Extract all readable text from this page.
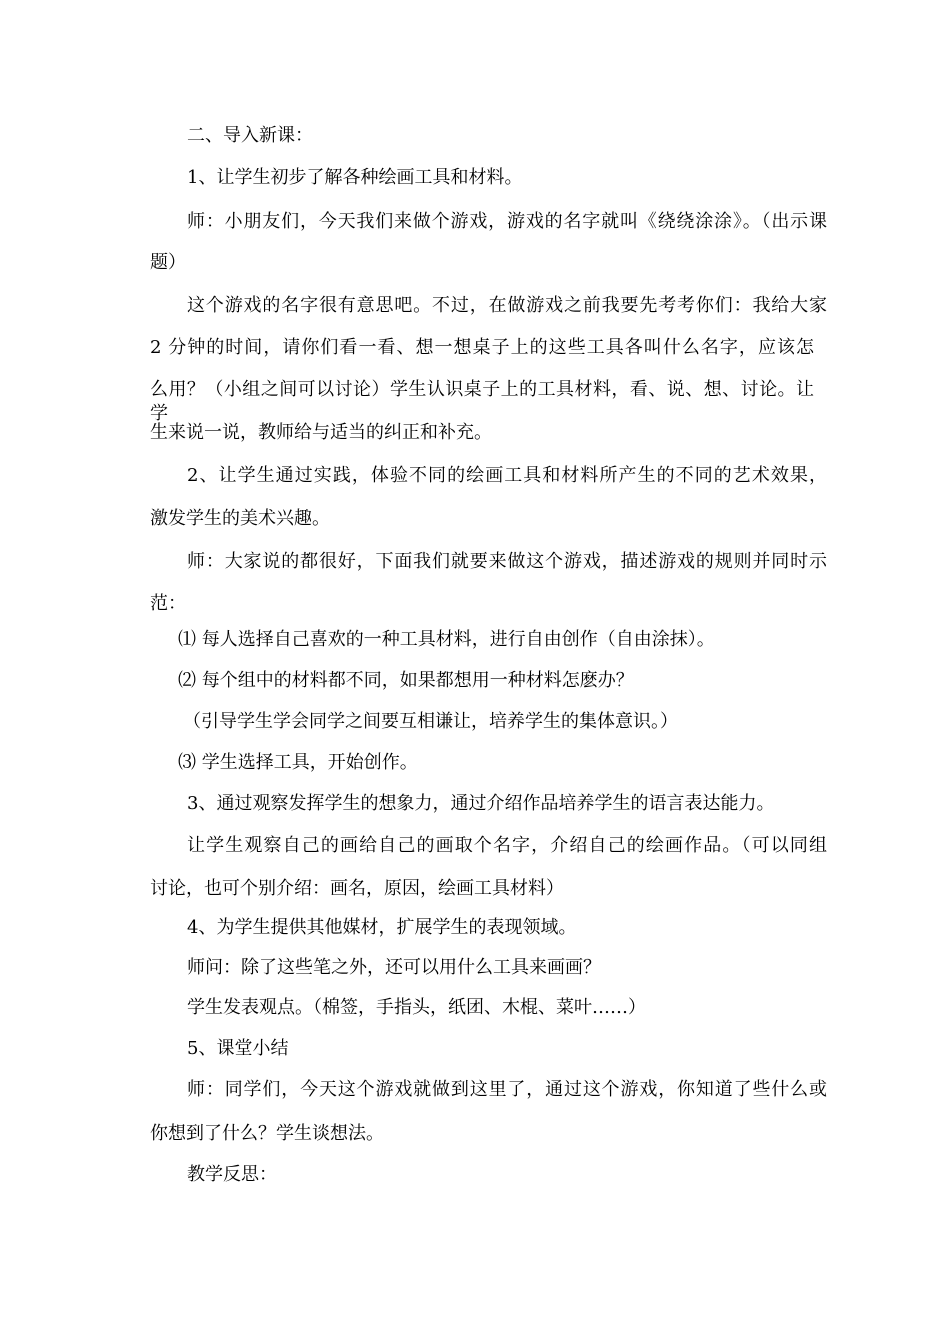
二、导入新课：

1、让学生初步了解各种绘画工具和材料。

师：小朋友们，今天我们来做个游戏，游戏的名字就叫《绕绕涂涂》。（出示课

题）

这个游戏的名字很有意思吧。不过，在做游戏之前我要先考考你们：我给大家

2 分钟的时间，请你们看一看、想一想桌子上的这些工具各叫什么名字，应该怎

么用？（小组之间可以讨论）学生认识桌子上的工具材料，看、说、想、讨论。让学

生来说一说，教师给与适当的纠正和补充。

2、让学生通过实践，体验不同的绘画工具和材料所产生的不同的艺术效果，

激发学生的美术兴趣。

师：大家说的都很好，下面我们就要来做这个游戏，描述游戏的规则并同时示

范：

⑴ 每人选择自己喜欢的一种工具材料，进行自由创作（自由涂抹）。

⑵ 每个组中的材料都不同，如果都想用一种材料怎麽办？

（引导学生学会同学之间要互相谦让，培养学生的集体意识。）

⑶ 学生选择工具，开始创作。

3、通过观察发挥学生的想象力，通过介绍作品培养学生的语言表达能力。

让学生观察自己的画给自己的画取个名字，介绍自己的绘画作品。（可以同组

讨论，也可个别介绍：画名，原因，绘画工具材料）

4、为学生提供其他媒材，扩展学生的表现领域。

师问：除了这些笔之外，还可以用什么工具来画画？

学生发表观点。（棉签，手指头，纸团、木棍、菜叶……）

5、课堂小结

师：同学们，今天这个游戏就做到这里了，通过这个游戏，你知道了些什么或

你想到了什么？学生谈想法。

教学反思：
